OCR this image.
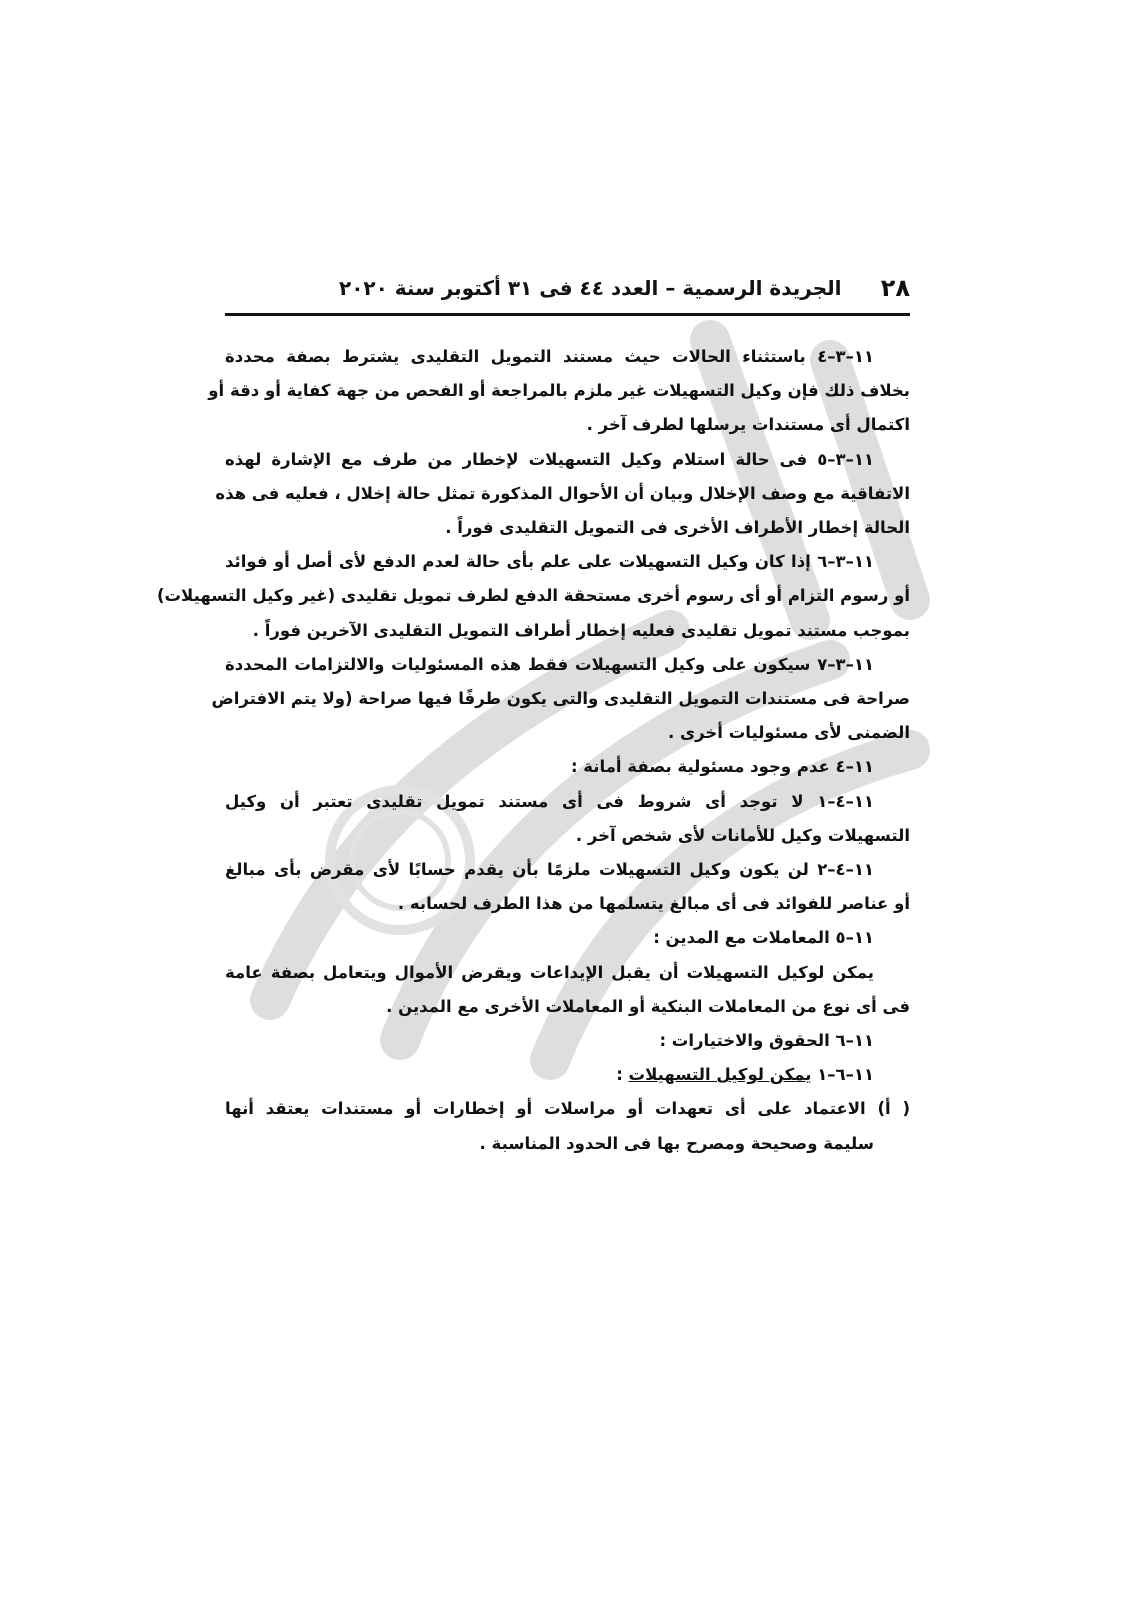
٢٨
الجريدة الرسمية – العدد ٤٤ فى ٣١ أكتوبر سنة ٢٠٢٠

١١–٣–٤ باستثناء الحالات حيث مستند التمويل التقليدى يشترط بصفة محددة
بخلاف ذلك فإن وكيل التسهيلات غير ملزم بالمراجعة أو الفحص من جهة كفاية أو دقة أو
اكتمال أى مستندات يرسلها لطرف آخر .

١١–٣–٥ فى حالة استلام وكيل التسهيلات لإخطار من طرف مع الإشارة لهذه
الاتفاقية مع وصف الإخلال وبيان أن الأحوال المذكورة تمثل حالة إخلال ، فعليه فى هذه
الحالة إخطار الأطراف الأخرى فى التمويل التقليدى فوراً .

١١–٣–٦ إذا كان وكيل التسهيلات على علم بأى حالة لعدم الدفع لأى أصل أو فوائد
أو رسوم التزام أو أى رسوم أخرى مستحقة الدفع لطرف تمويل تقليدى (غير وكيل التسهيلات)
بموجب مستند تمويل تقليدى فعليه إخطار أطراف التمويل التقليدى الآخرين فوراً .

١١–٣–٧ سيكون على وكيل التسهيلات فقط هذه المسئوليات والالتزامات المحددة
صراحة فى مستندات التمويل التقليدى والتى يكون طرفًا فيها صراحة (ولا يتم الافتراض
الضمنى لأى مسئوليات أخرى .

١١–٤ عدم وجود مسئولية بصفة أمانة :

١١–٤–١ لا توجد أى شروط فى أى مستند تمويل تقليدى تعتبر أن وكيل
التسهيلات وكيل للأمانات لأى شخص آخر .

١١–٤–٢ لن يكون وكيل التسهيلات ملزمًا بأن يقدم حسابًا لأى مقرض بأى مبالغ
أو عناصر للفوائد فى أى مبالغ يتسلمها من هذا الطرف لحسابه .

١١–٥ المعاملات مع المدين :

يمكن لوكيل التسهيلات أن يقبل الإيداعات ويقرض الأموال ويتعامل بصفة عامة
فى أى نوع من المعاملات البنكية أو المعاملات الأخرى مع المدين .

١١–٦ الحقوق والاختيارات :

١١–٦–١ يمكن لوكيل التسهيلات :

( أ) الاعتماد على أى تعهدات أو مراسلات أو إخطارات أو مستندات يعتقد أنها
سليمة وصحيحة ومصرح بها فى الحدود المناسبة .
